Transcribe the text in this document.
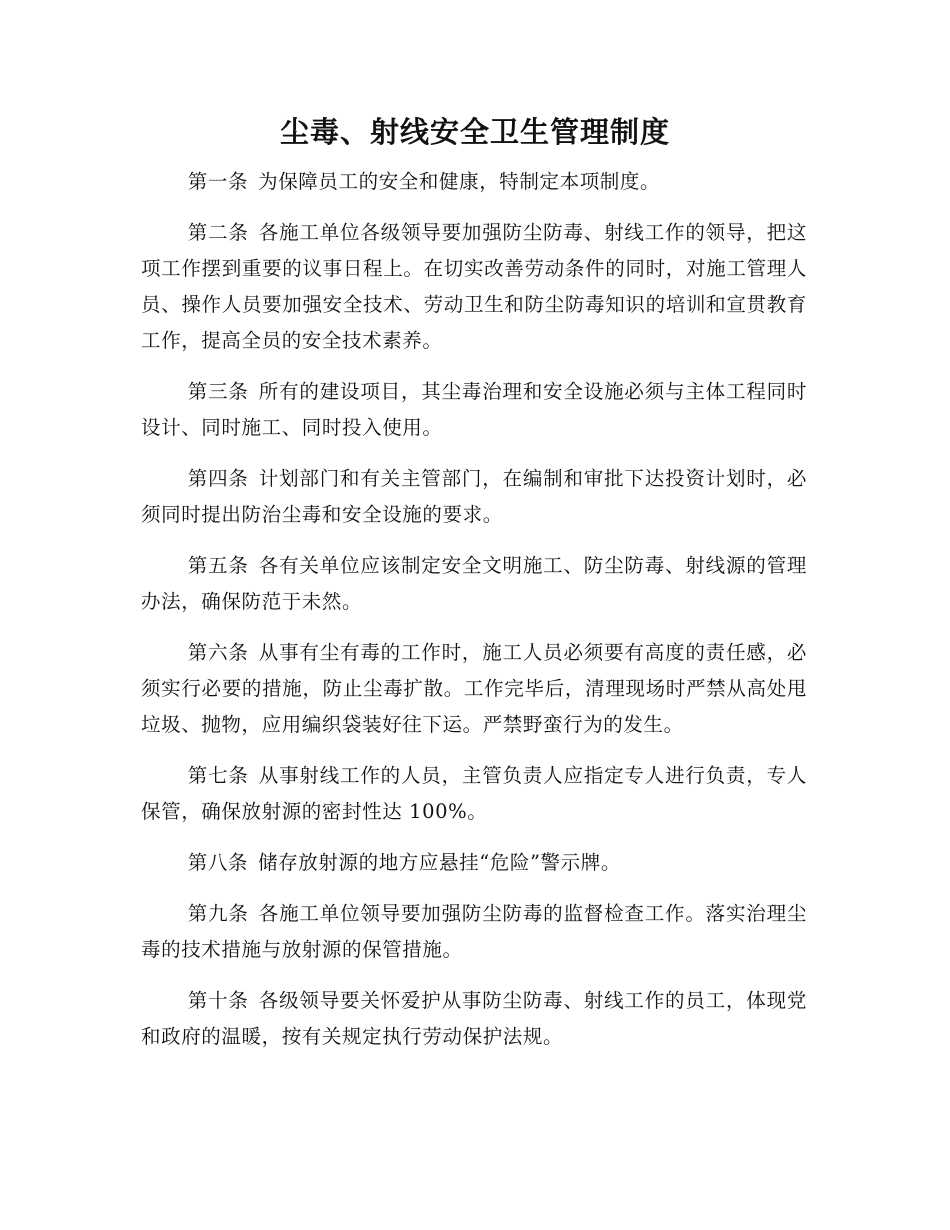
尘毒、射线安全卫生管理制度

第一条 为保障员工的安全和健康，特制定本项制度。

第二条 各施工单位各级领导要加强防尘防毒、射线工作的领导，把这项工作摆到重要的议事日程上。在切实改善劳动条件的同时，对施工管理人员、操作人员要加强安全技术、劳动卫生和防尘防毒知识的培训和宣贯教育工作，提高全员的安全技术素养。

第三条 所有的建设项目，其尘毒治理和安全设施必须与主体工程同时设计、同时施工、同时投入使用。

第四条 计划部门和有关主管部门，在编制和审批下达投资计划时，必须同时提出防治尘毒和安全设施的要求。

第五条 各有关单位应该制定安全文明施工、防尘防毒、射线源的管理办法，确保防范于未然。

第六条 从事有尘有毒的工作时，施工人员必须要有高度的责任感，必须实行必要的措施，防止尘毒扩散。工作完毕后，清理现场时严禁从高处甩垃圾、抛物，应用编织袋装好往下运。严禁野蛮行为的发生。

第七条 从事射线工作的人员，主管负责人应指定专人进行负责，专人保管，确保放射源的密封性达 100%。

第八条 储存放射源的地方应悬挂“危险”警示牌。

第九条 各施工单位领导要加强防尘防毒的监督检查工作。落实治理尘毒的技术措施与放射源的保管措施。

第十条 各级领导要关怀爱护从事防尘防毒、射线工作的员工，体现党和政府的温暖，按有关规定执行劳动保护法规。
